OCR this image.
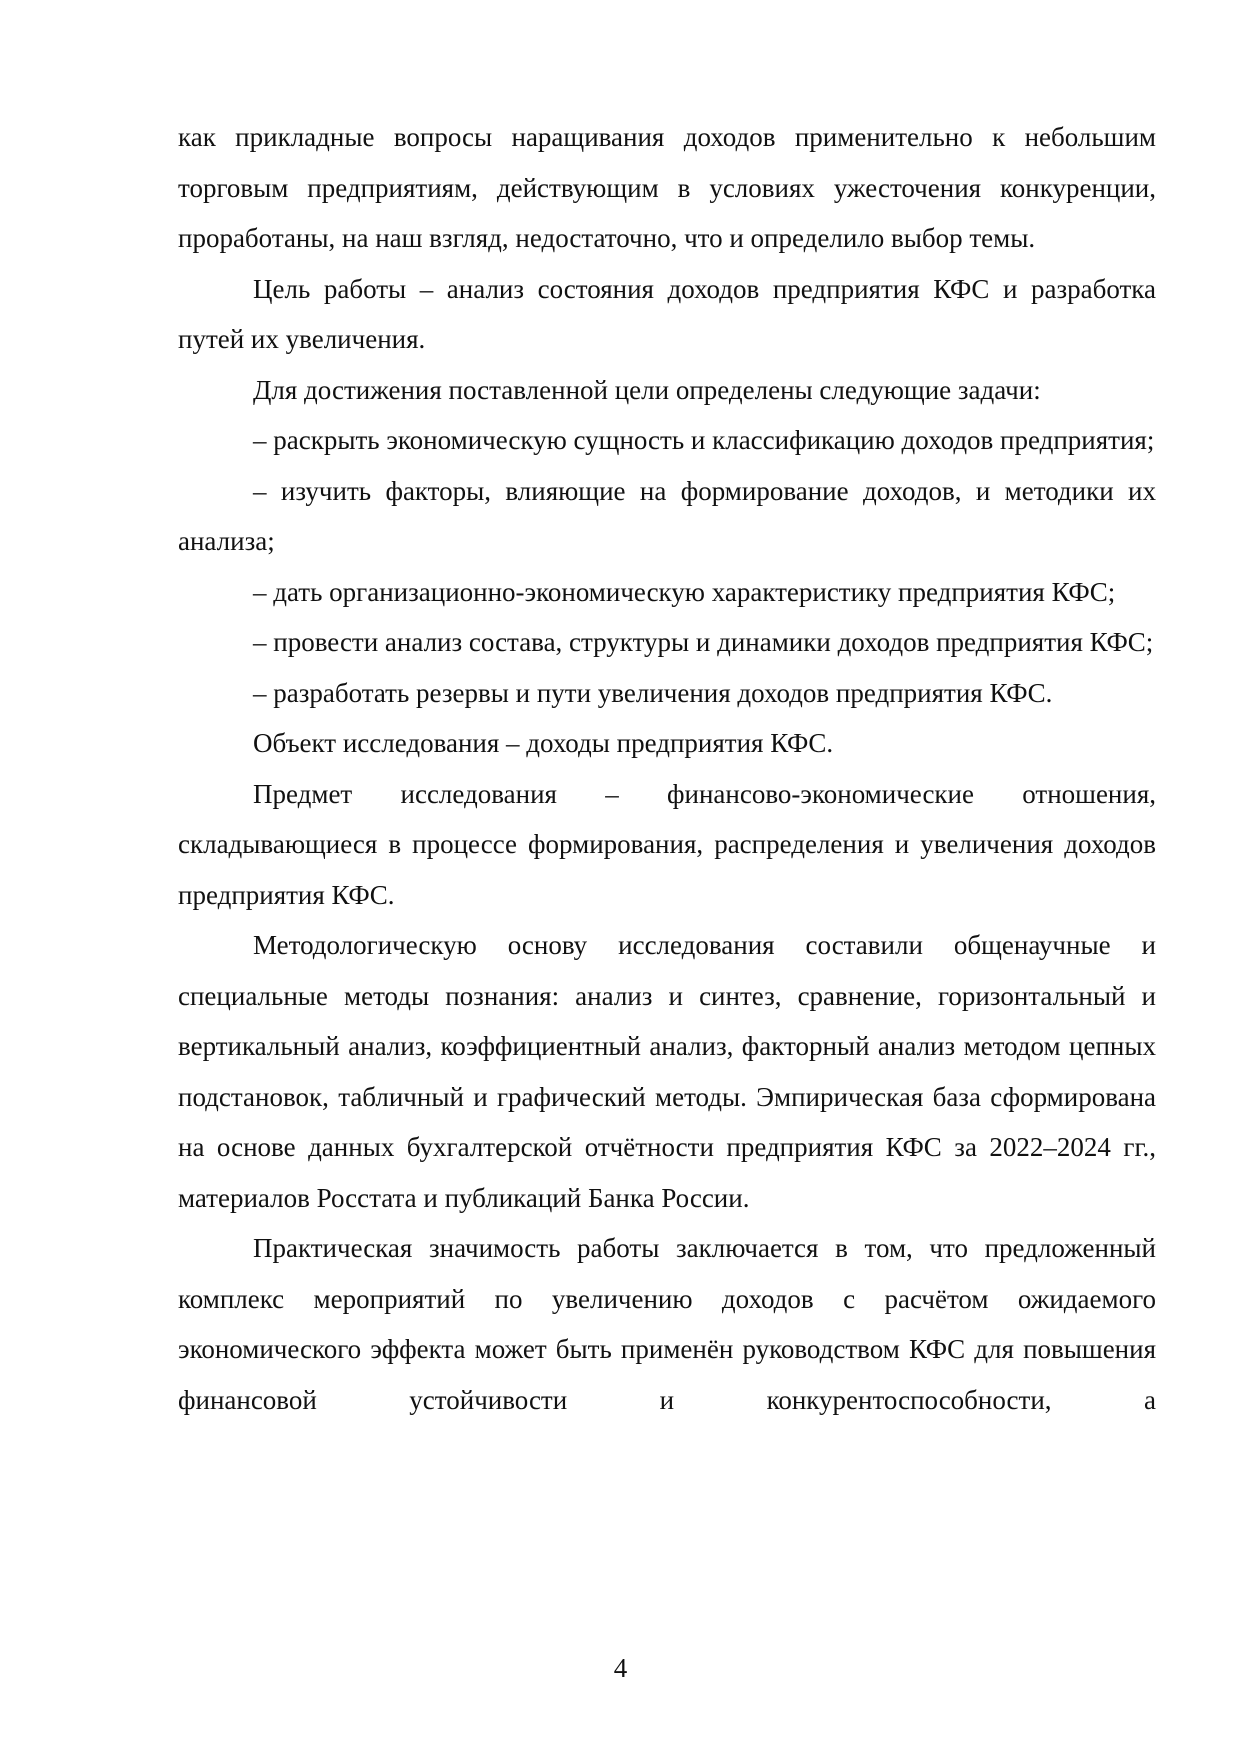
как прикладные вопросы наращивания доходов применительно к небольшим торговым предприятиям, действующим в условиях ужесточения конкуренции, проработаны, на наш взгляд, недостаточно, что и определило выбор темы.

Цель работы – анализ состояния доходов предприятия КФС и разработка путей их увеличения.

Для достижения поставленной цели определены следующие задачи:

– раскрыть экономическую сущность и классификацию доходов предприятия;

– изучить факторы, влияющие на формирование доходов, и методики их анализа;

– дать организационно-экономическую характеристику предприятия КФС;

– провести анализ состава, структуры и динамики доходов предприятия КФС;

– разработать резервы и пути увеличения доходов предприятия КФС.

Объект исследования – доходы предприятия КФС.

Предмет исследования – финансово-экономические отношения, складывающиеся в процессе формирования, распределения и увеличения доходов предприятия КФС.

Методологическую основу исследования составили общенаучные и специальные методы познания: анализ и синтез, сравнение, горизонтальный и вертикальный анализ, коэффициентный анализ, факторный анализ методом цепных подстановок, табличный и графический методы. Эмпирическая база сформирована на основе данных бухгалтерской отчётности предприятия КФС за 2022–2024 гг., материалов Росстата и публикаций Банка России.

Практическая значимость работы заключается в том, что предложенный комплекс мероприятий по увеличению доходов с расчётом ожидаемого экономического эффекта может быть применён руководством КФС для повышения финансовой устойчивости и конкурентоспособности, а

4
